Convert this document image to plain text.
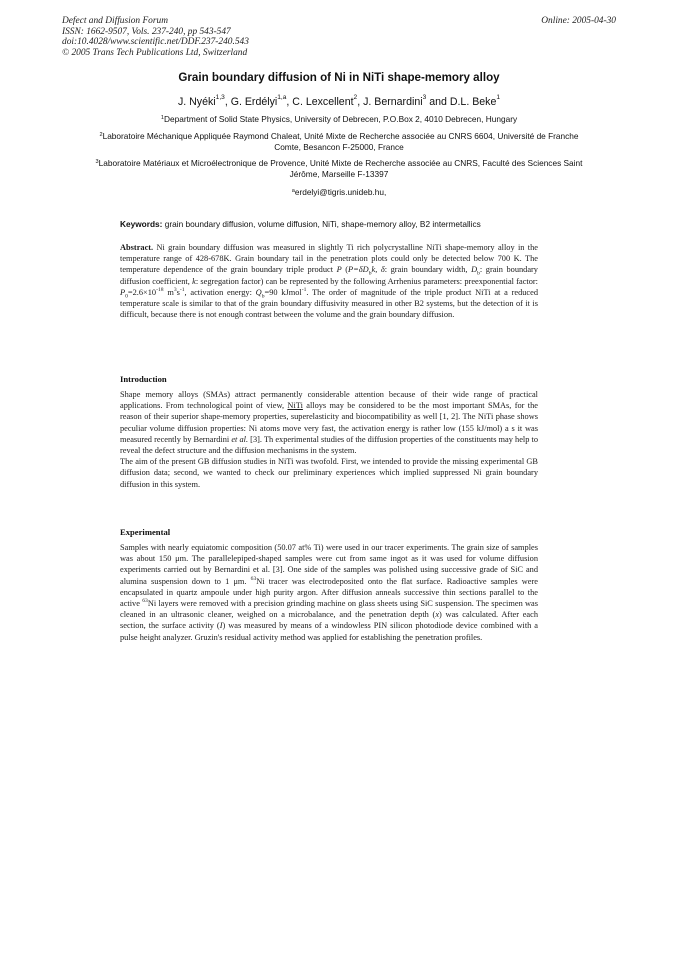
Defect and Diffusion Forum
ISSN: 1662-9507, Vols. 237-240, pp 543-547
doi:10.4028/www.scientific.net/DDF.237-240.543
© 2005 Trans Tech Publications Ltd, Switzerland
Online: 2005-04-30
Grain boundary diffusion of Ni in NiTi shape-memory alloy
J. Nyéki$^{1,3}$, G. Erdélyi$^{1,a}$, C. Lexcellent$^2$, J. Bernardini$^3$ and D.L. Beke$^1$
$^1$Department of Solid State Physics, University of Debrecen, P.O.Box 2, 4010 Debrecen, Hungary
$^2$Laboratoire Méchanique Appliquée Raymond Chaleat, Unité Mixte de Recherche associée au CNRS 6604, Université de Franche Comte, Besancon F-25000, France
$^3$Laboratoire Matériaux et Microélectronique de Provence, Unité Mixte de Recherche associée au CNRS, Faculté des Sciences Saint Jérôme, Marseille F-13397
$^a$erdelyi@tigris.unideb.hu,
Keywords: grain boundary diffusion, volume diffusion, NiTi, shape-memory alloy, B2 intermetallics
Abstract. Ni grain boundary diffusion was measured in slightly Ti rich polycrystalline NiTi shape-memory alloy in the temperature range of 428-678K. Grain boundary tail in the penetration plots could only be detected below 700 K. The temperature dependence of the grain boundary triple product P ($P=\delta D_bk$, δ: grain boundary width, $D_b$: grain boundary diffusion coefficient, k: segregation factor) can be represented by the following Arrhenius parameters: preexponential factor: $P_0=2.6\times 10^{-18}$ $m^3s^{-1}$, activation energy: $Q_b=90$ kJmol$^{-1}$. The order of magnitude of the triple product NiTi at a reduced temperature scale is similar to that of the grain boundary diffusivity measured in other B2 systems, but the detection of it is difficult, because there is not enough contrast between the volume and the grain boundary diffusion.
Introduction
Shape memory alloys (SMAs) attract permanently considerable attention because of their wide range of practical applications. From technological point of view, NiTi alloys may be considered to be the most important SMAs, for the reason of their superior shape-memory properties, superelasticity and biocompatibility as well [1, 2]. The NiTi phase shows peculiar volume diffusion properties: Ni atoms move very fast, the activation energy is rather low (155 kJ/mol) a s it was measured recently by Bernardini et al. [3]. Th experimental studies of the diffusion properties of the constituents may help to reveal the defect structure and the diffusion mechanisms in the system.
The aim of the present GB diffusion studies in NiTi was twofold. First, we intended to provide the missing experimental GB diffusion data; second, we wanted to check our preliminary experiences which implied suppressed Ni grain boundary diffusion in this system.
Experimental
Samples with nearly equiatomic composition (50.07 at% Ti) were used in our tracer experiments. The grain size of samples was about 150 μm. The parallelepiped-shaped samples were cut from same ingot as it was used for volume diffusion experiments carried out by Bernardini et al. [3]. One side of the samples was polished using successive grade of SiC and alumina suspension down to 1 μm. $^{63}$Ni tracer was electrodeposited onto the flat surface. Radioactive samples were encapsulated in quartz ampoule under high purity argon. After diffusion anneals successive thin sections parallel to the active $^{63}$Ni layers were removed with a precision grinding machine on glass sheets using SiC suspension. The specimen was cleaned in an ultrasonic cleaner, weighed on a microbalance, and the penetration depth (x) was calculated. After each section, the surface activity (I) was measured by means of a windowless PIN silicon photodiode device combined with a pulse height analyzer. Gruzin's residual activity method was applied for establishing the penetration profiles.
